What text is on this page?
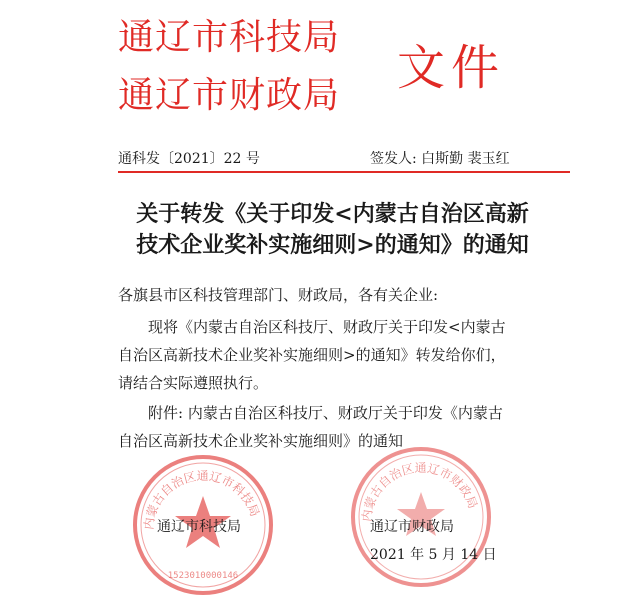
通辽市科技局
通辽市财政局 文件
通科发〔2021〕22 号	签发人: 白斯勤 裴玉红
关于转发《关于印发<内蒙古自治区高新
技术企业奖补实施细则>的通知》的通知
各旗县市区科技管理部门、财政局，各有关企业:
现将《内蒙古自治区科技厅、财政厅关于印发<内蒙古
自治区高新技术企业奖补实施细则>的通知》转发给你们，
请结合实际遵照执行。
附件: 内蒙古自治区科技厅、财政厅关于印发《内蒙古
自治区高新技术企业奖补实施细则》的通知
内蒙古自治区通辽市科技局
1523010000146
内蒙古自治区通辽市财政局
通辽市科技局	通辽市财政局
2021 年 5 月 14 日
